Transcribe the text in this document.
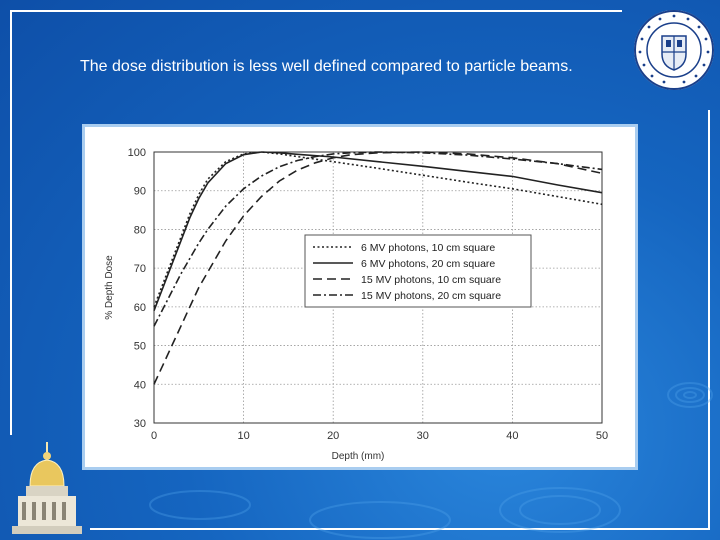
The dose distribution is less well defined compared to particle beams.
30
40
50
60
70
80
90
100
0	10	20	30	40	50
% Depth Dose
Depth (mm)
6 MV photons, 10 cm square
6 MV photons, 20 cm square
15 MV photons, 10 cm square
15 MV photons, 20 cm square
